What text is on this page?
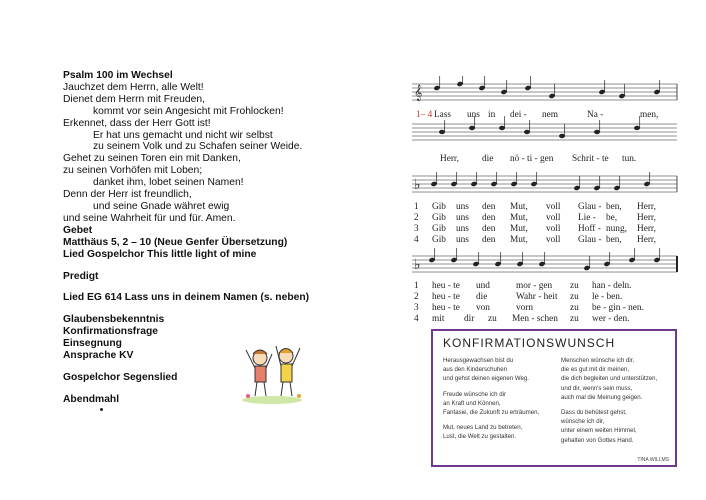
Psalm 100 im Wechsel
Jauchzet dem Herrn, alle Welt!
Dienet dem Herrn mit Freuden,
kommt vor sein Angesicht mit Frohlocken!
Erkennet, dass der Herr Gott ist!
Er hat uns gemacht und nicht wir selbst
zu seinem Volk und zu Schafen seiner Weide.
Gehet zu seinen Toren ein mit Danken,
zu seinen Vorhöfen mit Loben;
danket ihm, lobet seinen Namen!
Denn der Herr ist freundlich,
und seine Gnade währet ewig
und seine Wahrheit für und für. Amen.
Gebet
Matthäus 5, 2 – 10 (Neue Genfer Übersetzung)
Lied Gospelchor This little light of mine
Predigt
Lied EG 614 Lass uns in deinem Namen (s. neben)
Glaubensbekenntnis
Konfirmationsfrage
Einsegnung
Ansprache KV
Gospelchor Segenslied
Abendmahl
𝄞
♭
♭
1– 4 Lass uns in dei - nem	Na -	men,
Herr, die nö - ti - gen Schrit - te tun.
1 Gib uns den Mut, voll Glau - ben, Herr,
2 Gib uns den Mut, voll Lie - be, Herr,
3 Gib uns den Mut, voll Hoff - nung, Herr,
4 Gib uns den Mut, voll Glau - ben, Herr,
1 heu - te und	mor - gen zu han - deln.
2 heu - te die	Wahr - heit zu le - ben.
3 heu - te von	vorn	zu be - gin - nen.
4 mit dir zu Men - schen zu wer - den.
KONFIRMATIONSWUNSCH
Herausgewachsen bist du
aus den Kinderschuhen
und gehst deinen eigenen Weg.
Freude wünsche ich dir
an Kraft und Können,
Fantasie, die Zukunft zu erträumen,
Mut, neues Land zu betreten,
Lust, die Welt zu gestalten.
Menschen wünsche ich dir,
die es gut mit dir meinen,
die dich begleiten und unterstützen,
und dir, wenn's sein muss,
auch mal die Meinung geigen.
Dass du behütest gehst,
wünsche ich dir,
unter einem weiten Himmel,
gehalten von Gottes Hand.
TINA WILLMS
